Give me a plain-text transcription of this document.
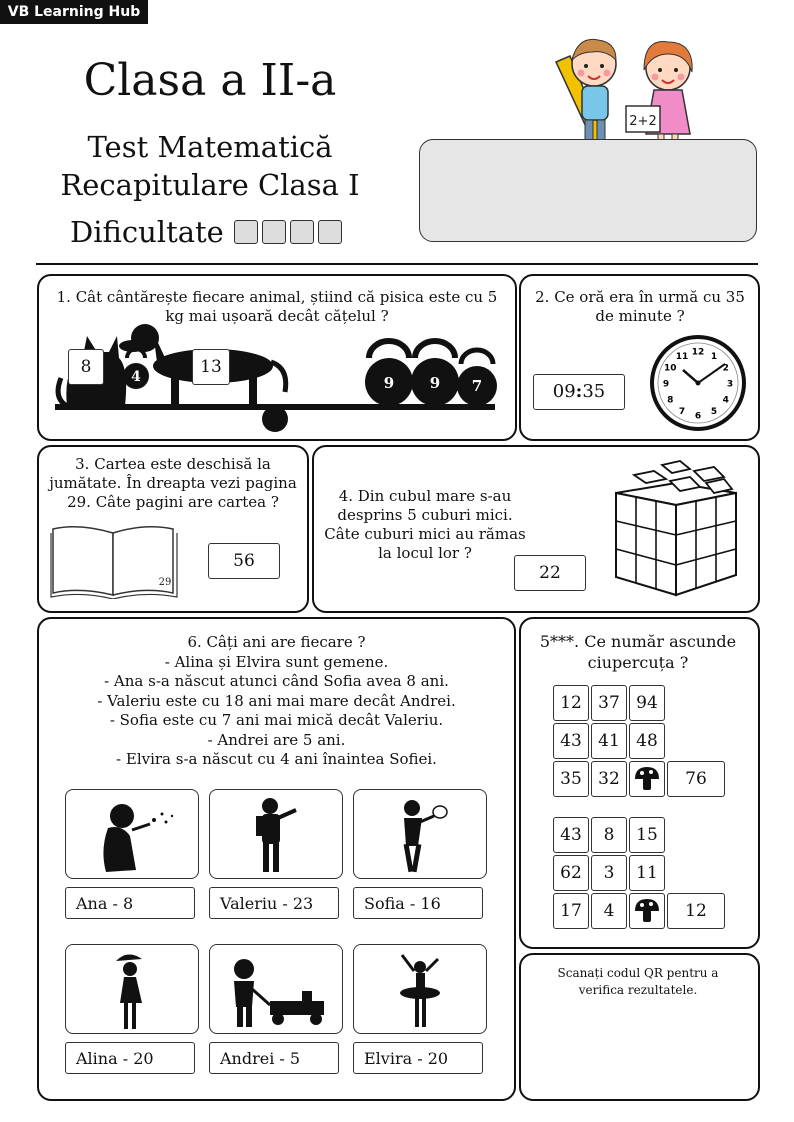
VB Learning Hub
Clasa a II-a
Test Matematică
Recapitulare Clasa I
Dificultate
2+2
1. Cât cântărește fiecare animal, știind că pisica este cu 5 kg mai ușoară decât cățelul ?
4	9 9 7
8	13
2. Ce oră era în urmă cu 35 de minute ?
09:35
12 1
2
3
4
5
6
7
8
9
10
11
3. Cartea este deschisă la jumătate. În dreapta vezi pagina 29. Câte pagini are cartea ?
29
56
4. Din cubul mare s-au desprins 5 cuburi mici. Câte cuburi mici au rămas la locul lor ?
22
6. Câți ani are fiecare ?
- Alina și Elvira sunt gemene.
- Ana s-a născut atunci când Sofia avea 8 ani.
- Valeriu este cu 18 ani mai mare decât Andrei.
- Sofia este cu 7 ani mai mică decât Valeriu.
- Andrei are 5 ani.
- Elvira s-a născut cu 4 ani înaintea Sofiei.
Ana - 8	Valeriu - 23	Sofia - 16
Alina - 20	Andrei - 5	Elvira - 20
5***. Ce număr ascunde ciupercuța ?
12 37 94
43 41 48
35 32	76
43	8	15
62	3	11
17	4	12
Scanați codul QR pentru a verifica rezultatele.
